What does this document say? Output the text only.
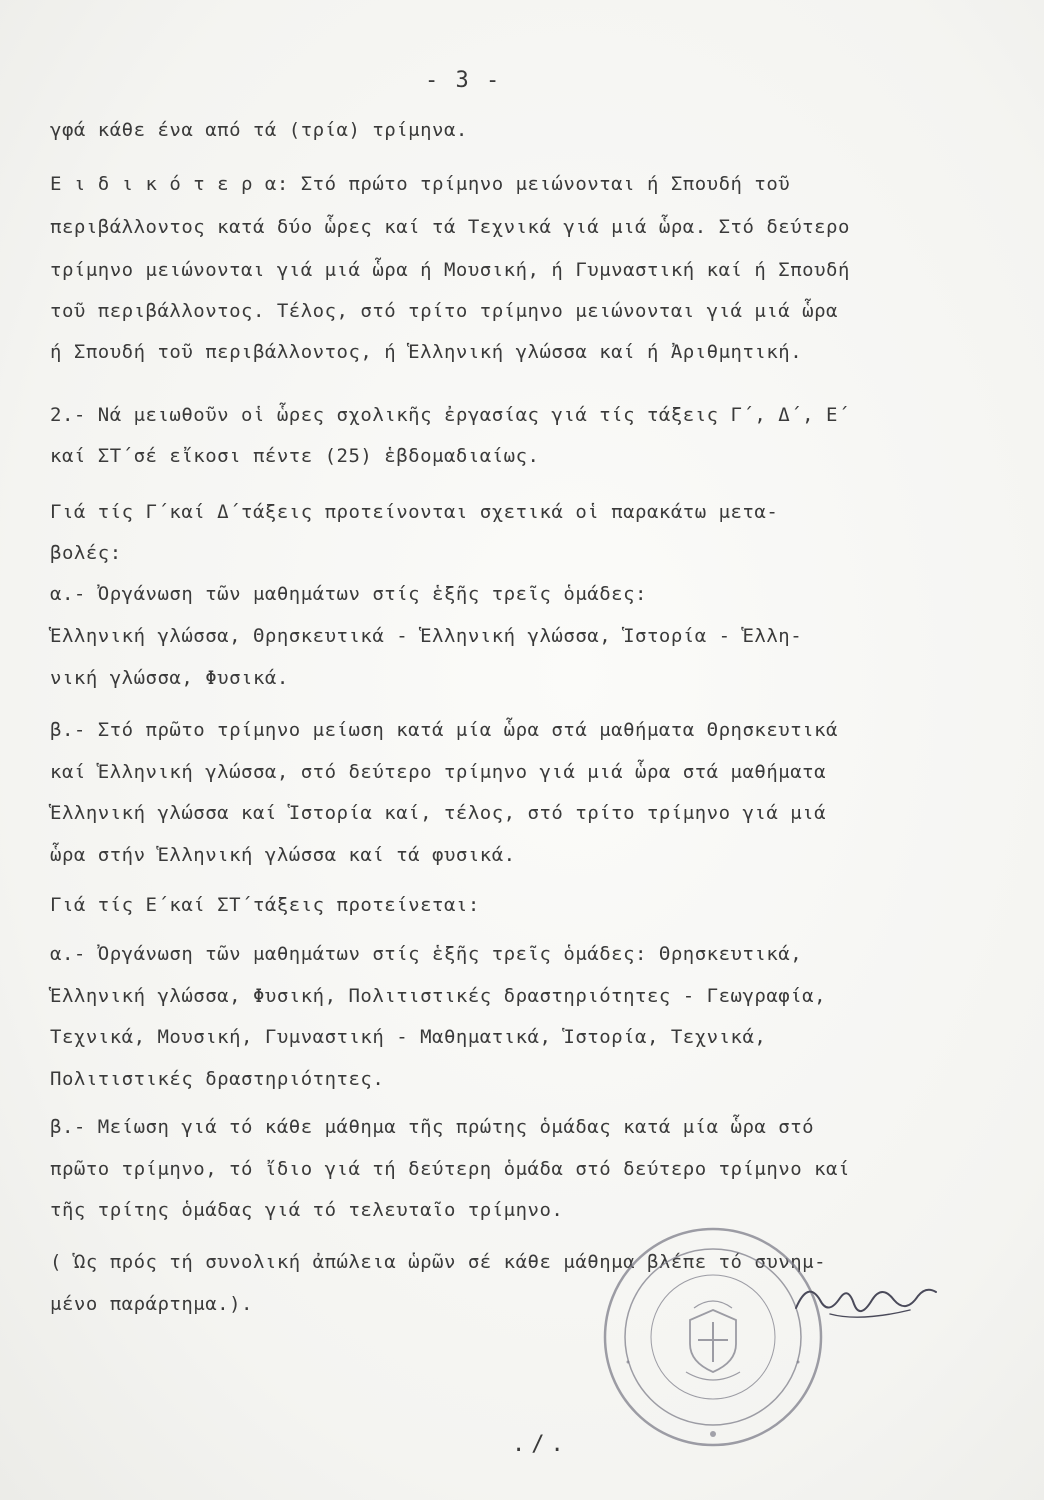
- 3 -
γφά κάθε ένα από τά (τρία) τρίμηνα.
Ε ι δ ι κ ό τ ε ρ α: Στό πρώτο τρίμηνο μειώνονται ή Σπουδή τοῦ
περιβάλλοντος κατά δύο ὧρες καί τά Τεχνικά γιά μιά ὧρα. Στό δεύτερο
τρίμηνο μειώνονται γιά μιά ὧρα ή Μουσική, ή Γυμναστική καί ή Σπουδή
τοῦ περιβάλλοντος. Τέλος, στό τρίτο τρίμηνο μειώνονται γιά μιά ὧρα
ή Σπουδή τοῦ περιβάλλοντος, ή Ἑλληνική γλώσσα καί ή Ἀριθμητική.
2.- Νά μειωθοῦν οἱ ὧρες σχολικῆς ἐργασίας γιά τίς τάξεις Γ΄, Δ΄, Ε΄
καί ΣΤ΄σέ εἴκοσι πέντε (25) ἑβδομαδιαίως.
Γιά τίς Γ΄καί Δ΄τάξεις προτείνονται σχετικά οἱ παρακάτω μετα-
βολές:
α.- Ὀργάνωση τῶν μαθημάτων στίς ἑξῆς τρεῖς ὁμάδες:
Ἑλληνική γλώσσα, Θρησκευτικά - Ἑλληνική γλώσσα, Ἱστορία - Ἑλλη-
νική γλώσσα, Φυσικά.
β.- Στό πρῶτο τρίμηνο μείωση κατά μία ὧρα στά μαθήματα Θρησκευτικά
καί Ἑλληνική γλώσσα, στό δεύτερο τρίμηνο γιά μιά ὧρα στά μαθήματα
Ἑλληνική γλώσσα καί Ἱστορία καί, τέλος, στό τρίτο τρίμηνο γιά μιά
ὧρα στήν Ἑλληνική γλώσσα καί τά φυσικά.
Γιά τίς Ε΄καί ΣΤ΄τάξεις προτείνεται:
α.- Ὀργάνωση τῶν μαθημάτων στίς ἑξῆς τρεῖς ὁμάδες: Θρησκευτικά,
Ἑλληνική γλώσσα, Φυσική, Πολιτιστικές δραστηριότητες - Γεωγραφία,
Τεχνικά, Μουσική, Γυμναστική - Μαθηματικά, Ἱστορία, Τεχνικά,
Πολιτιστικές δραστηριότητες.
β.- Μείωση γιά τό κάθε μάθημα τῆς πρώτης ὁμάδας κατά μία ὧρα στό
πρῶτο τρίμηνο, τό ἴδιο γιά τή δεύτερη ὁμάδα στό δεύτερο τρίμηνο καί
τῆς τρίτης ὁμάδας γιά τό τελευταῖο τρίμηνο.
( Ὡς πρός τή συνολική ἀπώλεια ὡρῶν σέ κάθε μάθημα βλέπε τό συνημ-
μένο παράρτημα.).
./.
